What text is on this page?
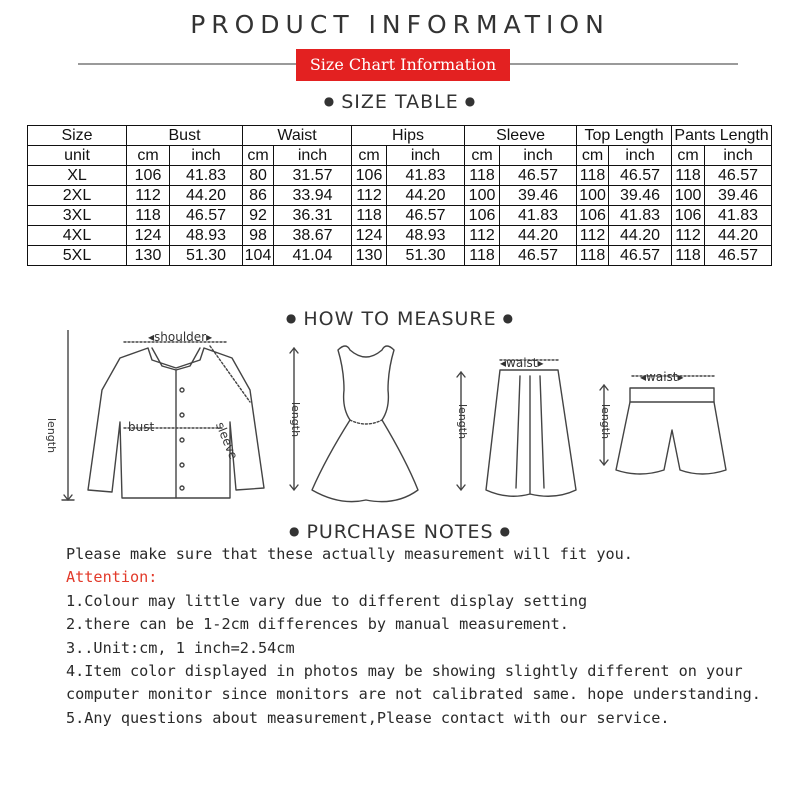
PRODUCT INFORMATION
Size Chart Information
● SIZE TABLE ●
Size	Bust		Waist		Hips		Sleeve		Top Length		Pants Length	
unit	cm	inch	cm	inch	cm	inch	cm	inch	cm	inch	cm	inch
XL	106	41.83	80	31.57	106	41.83	118	46.57	118	46.57	118	46.57
2XL	112	44.20	86	33.94	112	44.20	100	39.46	100	39.46	100	39.46
3XL	118	46.57	92	36.31	118	46.57	106	41.83	106	41.83	106	41.83
4XL	124	48.93	98	38.67	124	48.93	112	44.20	112	44.20	112	44.20
5XL	130	51.30	104	41.04	130	51.30	118	46.57	118	46.57	118	46.57
● HOW TO MEASURE ●
◂shoulder▸
bust	sleeve
length	length	length
◂waist▸
length
◂waist▸
● PURCHASE NOTES ●
Please make sure that these actually measurement will fit you.
Attention:
1.Colour may little vary due to different display setting
2.there can be 1-2cm differences by manual measurement.
3..Unit:cm, 1 inch=2.54cm
4.Item color displayed in photos may be showing slightly different on your
computer monitor since monitors are not calibrated same. hope understanding.
5.Any questions about measurement,Please contact with our service.
